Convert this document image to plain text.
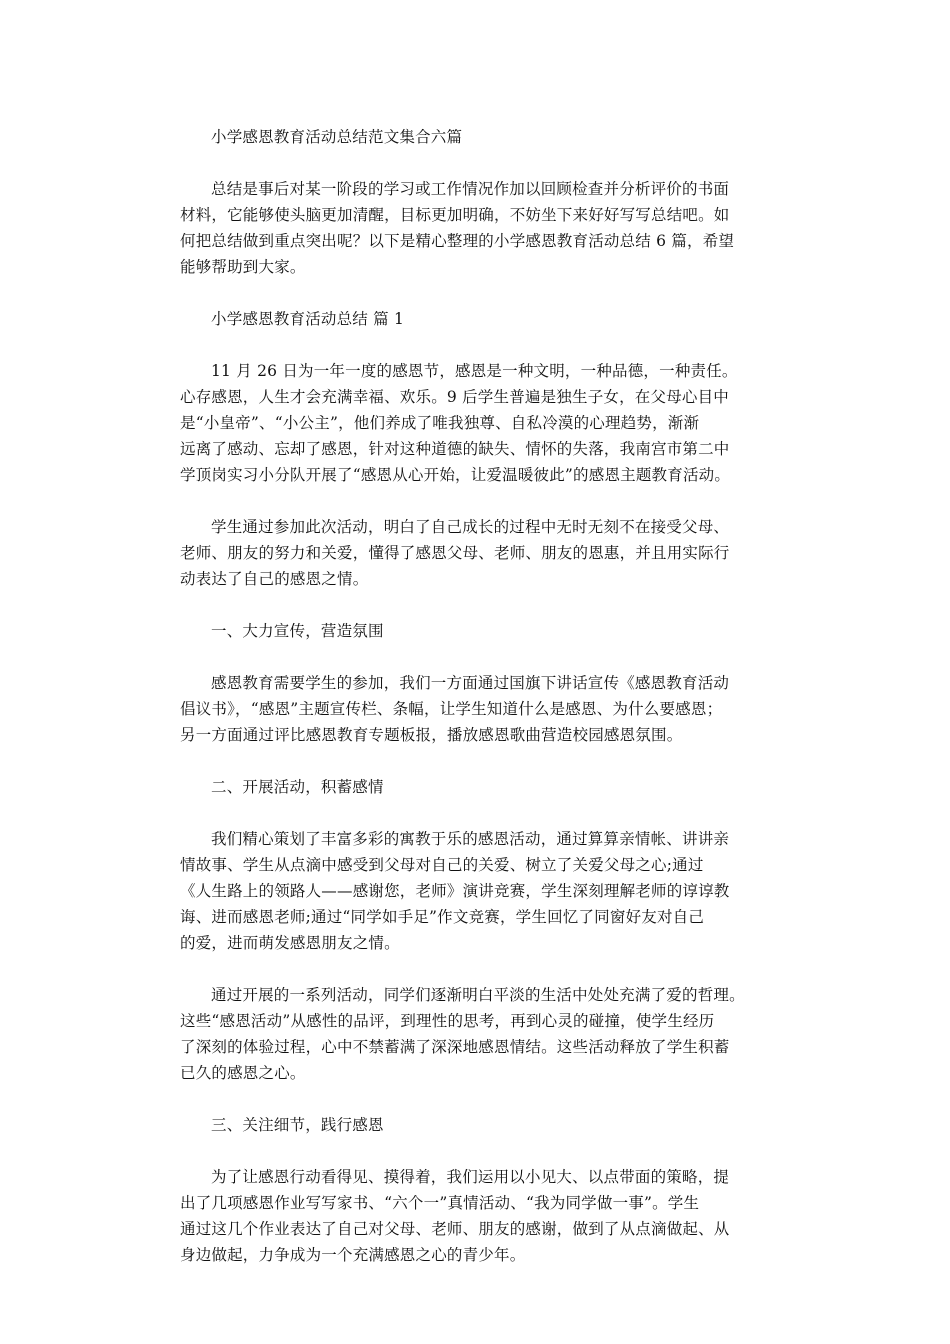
小学感恩教育活动总结范文集合六篇
总结是事后对某一阶段的学习或工作情况作加以回顾检查并分析评价的书面
材料，它能够使头脑更加清醒，目标更加明确，不妨坐下来好好写写总结吧。如
何把总结做到重点突出呢？以下是精心整理的小学感恩教育活动总结 6 篇，希望
能够帮助到大家。
小学感恩教育活动总结 篇 1
11 月 26 日为一年一度的感恩节，感恩是一种文明，一种品德，一种责任。
心存感恩，人生才会充满幸福、欢乐。9 后学生普遍是独生子女，在父母心目中
是“小皇帝”、“小公主”，他们养成了唯我独尊、自私冷漠的心理趋势，渐渐
远离了感动、忘却了感恩，针对这种道德的缺失、情怀的失落，我南宫市第二中
学顶岗实习小分队开展了“感恩从心开始，让爱温暖彼此”的感恩主题教育活动。
学生通过参加此次活动，明白了自己成长的过程中无时无刻不在接受父母、
老师、朋友的努力和关爱，懂得了感恩父母、老师、朋友的恩惠，并且用实际行
动表达了自己的感恩之情。
一、大力宣传，营造氛围
感恩教育需要学生的参加，我们一方面通过国旗下讲话宣传《感恩教育活动
倡议书》，“感恩”主题宣传栏、条幅，让学生知道什么是感恩、为什么要感恩；
另一方面通过评比感恩教育专题板报，播放感恩歌曲营造校园感恩氛围。
二、开展活动，积蓄感情
我们精心策划了丰富多彩的寓教于乐的感恩活动，通过算算亲情帐、讲讲亲
情故事、学生从点滴中感受到父母对自己的关爱、树立了关爱父母之心;通过
《人生路上的领路人——感谢您，老师》演讲竞赛，学生深刻理解老师的谆谆教
诲、进而感恩老师;通过“同学如手足”作文竞赛，学生回忆了同窗好友对自己
的爱，进而萌发感恩朋友之情。
通过开展的一系列活动，同学们逐渐明白平淡的生活中处处充满了爱的哲理。
这些“感恩活动”从感性的品评，到理性的思考，再到心灵的碰撞，使学生经历
了深刻的体验过程，心中不禁蓄满了深深地感恩情结。这些活动释放了学生积蓄
已久的感恩之心。
三、关注细节，践行感恩
为了让感恩行动看得见、摸得着，我们运用以小见大、以点带面的策略，提
出了几项感恩作业写写家书、“六个一”真情活动、“我为同学做一事”。学生
通过这几个作业表达了自己对父母、老师、朋友的感谢，做到了从点滴做起、从
身边做起，力争成为一个充满感恩之心的青少年。
